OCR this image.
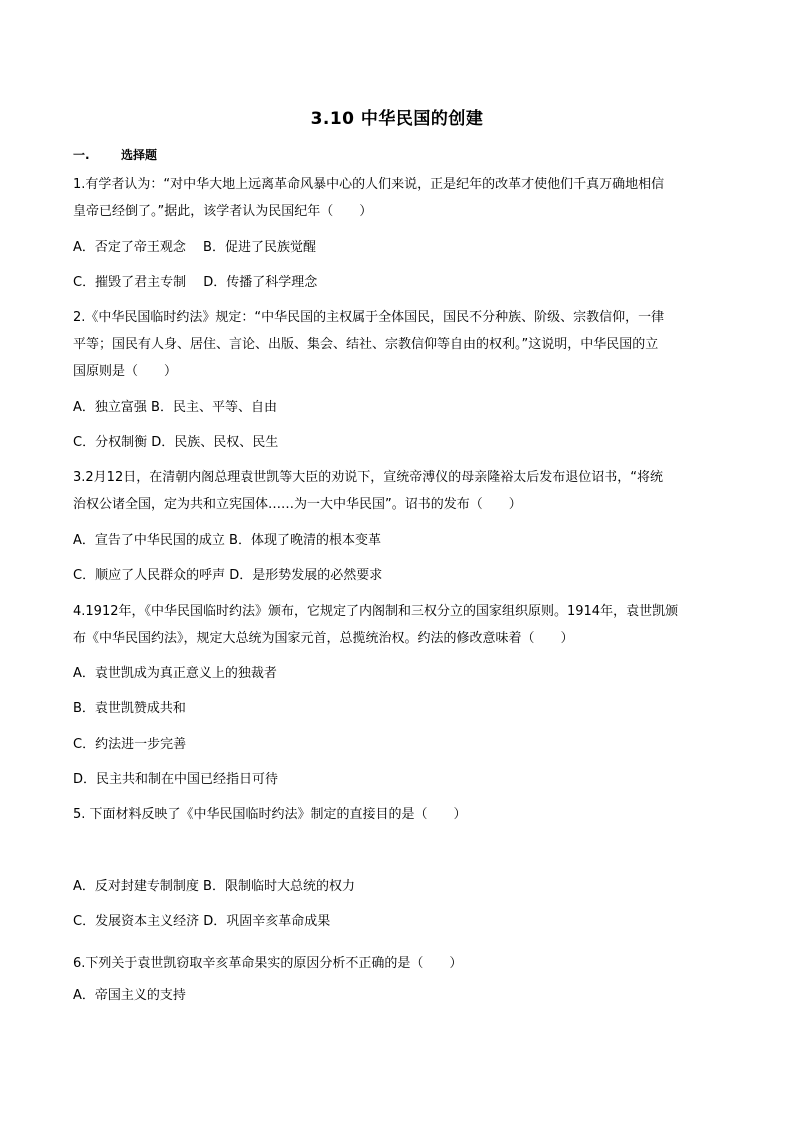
3.10 中华民国的创建
一.	选择题
1.有学者认为：“对中华大地上远离革命风暴中心的人们来说，正是纪年的改革才使他们千真万确地相信
皇帝已经倒了。”据此，该学者认为民国纪年（　　）
A．否定了帝王观念　 B．促进了民族觉醒
C．摧毁了君主专制　 D．传播了科学理念
2.《中华民国临时约法》规定：“中华民国的主权属于全体国民，国民不分种族、阶级、宗教信仰，一律
平等；国民有人身、居住、言论、出版、集会、结社、宗教信仰等自由的权利。”这说明，中华民国的立
国原则是（　　）
A．独立富强 B．民主、平等、自由
C．分权制衡 D．民族、民权、民生
3.2月12日，在清朝内阁总理袁世凯等大臣的劝说下，宣统帝溥仪的母亲隆裕太后发布退位诏书，“将统
治权公诸全国，定为共和立宪国体……为一大中华民国”。诏书的发布（　　）
A．宣告了中华民国的成立 B．体现了晚清的根本变革
C．顺应了人民群众的呼声 D．是形势发展的必然要求
4.1912年，《中华民国临时约法》颁布，它规定了内阁制和三权分立的国家组织原则。1914年，袁世凯颁
布《中华民国约法》，规定大总统为国家元首，总揽统治权。约法的修改意味着（　　）
A．袁世凯成为真正意义上的独裁者
B．袁世凯赞成共和
C．约法进一步完善
D．民主共和制在中国已经指日可待
5. 下面材料反映了《中华民国临时约法》制定的直接目的是（　　）
A．反对封建专制制度 B．限制临时大总统的权力
C．发展资本主义经济 D．巩固辛亥革命成果
6.下列关于袁世凯窃取辛亥革命果实的原因分析不正确的是（　　）
A．帝国主义的支持
